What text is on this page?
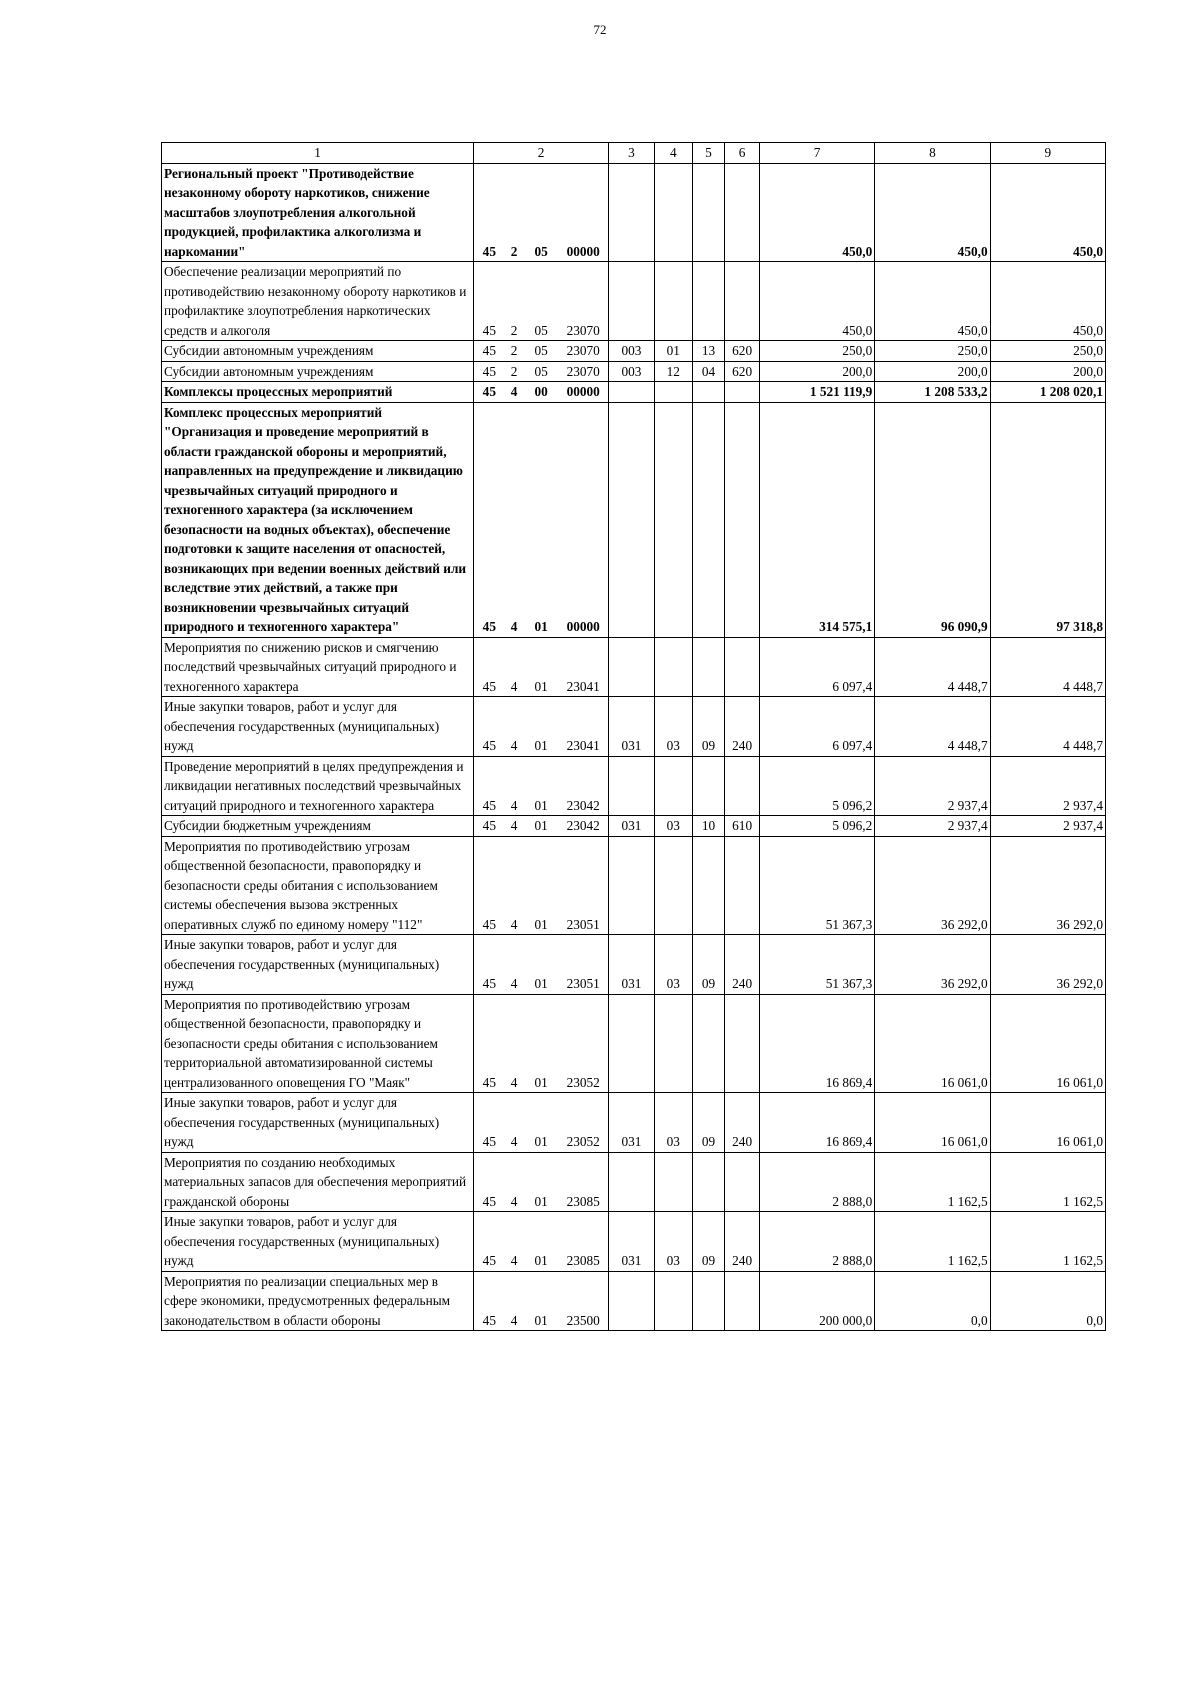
72
1	2				3	4	5	6	7	8	9
Региональный проект "Противодействие незаконному обороту наркотиков, снижение масштабов злоупотребления алкогольной продукцией, профилактика алкоголизма и наркомании"	45	2	05	00000					450,0	450,0	450,0
Обеспечение реализации мероприятий по противодействию незаконному обороту наркотиков и профилактике злоупотребления наркотических средств и алкоголя	45	2	05	23070					450,0	450,0	450,0
Субсидии автономным учреждениям	45	2	05	23070	003	01	13	620	250,0	250,0	250,0
Субсидии автономным учреждениям	45	2	05	23070	003	12	04	620	200,0	200,0	200,0
Комплексы процессных мероприятий	45	4	00	00000					1 521 119,9	1 208 533,2	1 208 020,1
Комплекс процессных мероприятий "Организация и проведение мероприятий в области гражданской обороны и мероприятий, направленных на предупреждение и ликвидацию чрезвычайных ситуаций природного и техногенного характера (за исключением безопасности на водных объектах), обеспечение подготовки к защите населения от опасностей, возникающих при ведении военных действий или вследствие этих действий, а также при возникновении чрезвычайных ситуаций природного и техногенного характера"	45	4	01	00000					314 575,1	96 090,9	97 318,8
Мероприятия по снижению рисков и смягчению последствий чрезвычайных ситуаций природного и техногенного характера	45	4	01	23041					6 097,4	4 448,7	4 448,7
Иные закупки товаров, работ и услуг для обеспечения государственных (муниципальных) нужд	45	4	01	23041	031	03	09	240	6 097,4	4 448,7	4 448,7
Проведение мероприятий в целях предупреждения и ликвидации негативных последствий чрезвычайных ситуаций природного и техногенного характера	45	4	01	23042					5 096,2	2 937,4	2 937,4
Субсидии бюджетным учреждениям	45	4	01	23042	031	03	10	610	5 096,2	2 937,4	2 937,4
Мероприятия по противодействию угрозам общественной безопасности, правопорядку и безопасности среды обитания с использованием системы обеспечения вызова экстренных оперативных служб по единому номеру "112"	45	4	01	23051					51 367,3	36 292,0	36 292,0
Иные закупки товаров, работ и услуг для обеспечения государственных (муниципальных) нужд	45	4	01	23051	031	03	09	240	51 367,3	36 292,0	36 292,0
Мероприятия по противодействию угрозам общественной безопасности, правопорядку и безопасности среды обитания с использованием территориальной автоматизированной системы централизованного оповещения ГО "Маяк"	45	4	01	23052					16 869,4	16 061,0	16 061,0
Иные закупки товаров, работ и услуг для обеспечения государственных (муниципальных) нужд	45	4	01	23052	031	03	09	240	16 869,4	16 061,0	16 061,0
Мероприятия по созданию необходимых материальных запасов для обеспечения мероприятий гражданской обороны	45	4	01	23085					2 888,0	1 162,5	1 162,5
Иные закупки товаров, работ и услуг для обеспечения государственных (муниципальных) нужд	45	4	01	23085	031	03	09	240	2 888,0	1 162,5	1 162,5
Мероприятия по реализации специальных мер в сфере экономики, предусмотренных федеральным законодательством в области обороны	45	4	01	23500					200 000,0	0,0	0,0
